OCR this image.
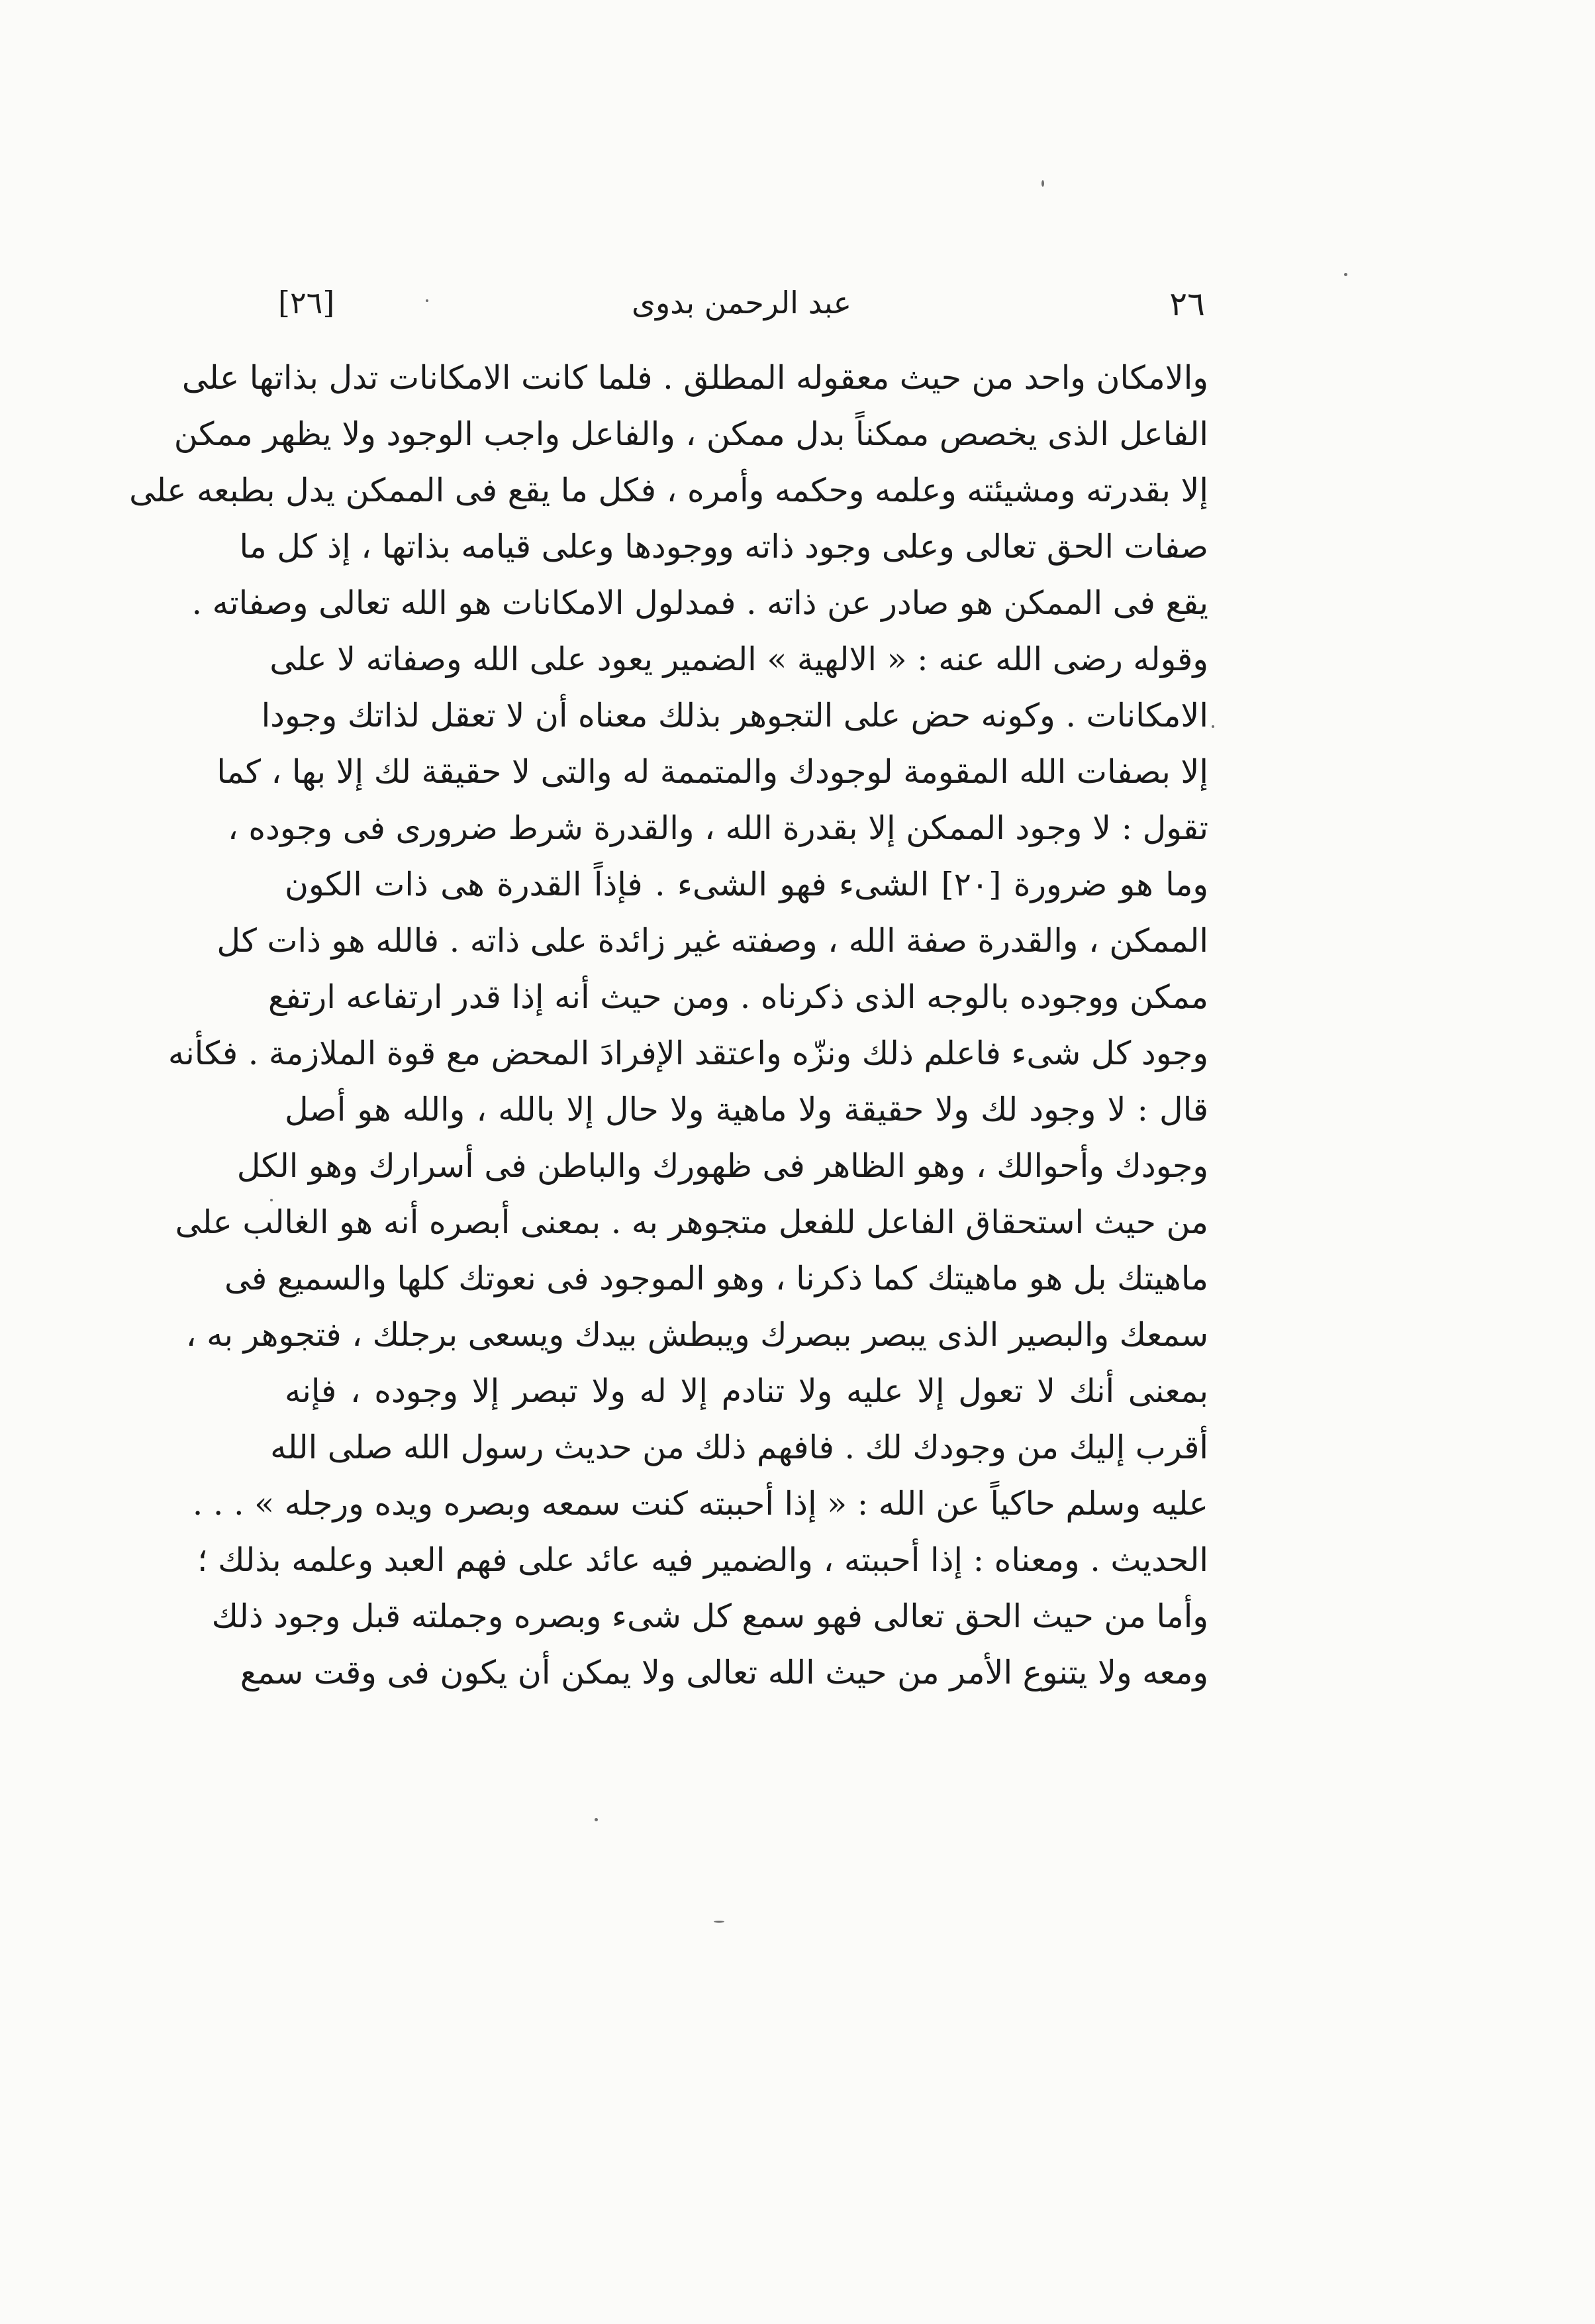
٢٦
عبد الرحمن بدوى
[٢٦]
والامكان واحد من حيث معقوله المطلق . فلما كانت الامكانات تدل بذاتها على
الفاعل الذى يخصص ممكناً بدل ممكن ، والفاعل واجب الوجود ولا يظهر ممكن
إلا بقدرته ومشيئته وعلمه وحكمه وأمره ، فكل ما يقع فى الممكن يدل بطبعه على
صفات الحق تعالى وعلى وجود ذاته ووجودها وعلى قيامه بذاتها ، إذ كل ما
يقع فى الممكن هو صادر عن ذاته . فمدلول الامكانات هو الله تعالى وصفاته .
وقوله رضى الله عنه : « الالهية » الضمير يعود على الله وصفاته لا على
الامكانات . وكونه حض على التجوهر بذلك معناه أن لا تعقل لذاتك وجودا
إلا بصفات الله المقومة لوجودك والمتممة له والتى لا حقيقة لك إلا بها ، كما
تقول : لا وجود الممكن إلا بقدرة الله ، والقدرة شرط ضرورى فى وجوده ،
وما هو ضرورة [٢٠] الشىء فهو الشىء . فإذاً القدرة هى ذات الكون
الممكن ، والقدرة صفة الله ، وصفته غير زائدة على ذاته . فالله هو ذات كل
ممكن ووجوده بالوجه الذى ذكرناه . ومن حيث أنه إذا قدر ارتفاعه ارتفع
وجود كل شىء فاعلم ذلك ونزّه واعتقد الإفرادَ المحض مع قوة الملازمة . فكأنه
قال : لا وجود لك ولا حقيقة ولا ماهية ولا حال إلا بالله ، والله هو أصل
وجودك وأحوالك ، وهو الظاهر فى ظهورك والباطن فى أسرارك وهو الكل
من حيث استحقاق الفاعل للفعل متجوهر به . بمعنى أبصره أنه هو الغالب على
ماهيتك بل هو ماهيتك كما ذكرنا ، وهو الموجود فى نعوتك كلها والسميع فى
سمعك والبصير الذى يبصر ببصرك ويبطش بيدك ويسعى برجلك ، فتجوهر به ،
بمعنى أنك لا تعول إلا عليه ولا تنادم إلا له ولا تبصر إلا وجوده ، فإنه
أقرب إليك من وجودك لك . فافهم ذلك من حديث رسول الله صلى الله
عليه وسلم حاكياً عن الله : « إذا أحببته كنت سمعه وبصره ويده ورجله » . . .
الحديث . ومعناه : إذا أحببته ، والضمير فيه عائد على فهم العبد وعلمه بذلك ؛
وأما من حيث الحق تعالى فهو سمع كل شىء وبصره وجملته قبل وجود ذلك
ومعه ولا يتنوع الأمر من حيث الله تعالى ولا يمكن أن يكون فى وقت سمع
